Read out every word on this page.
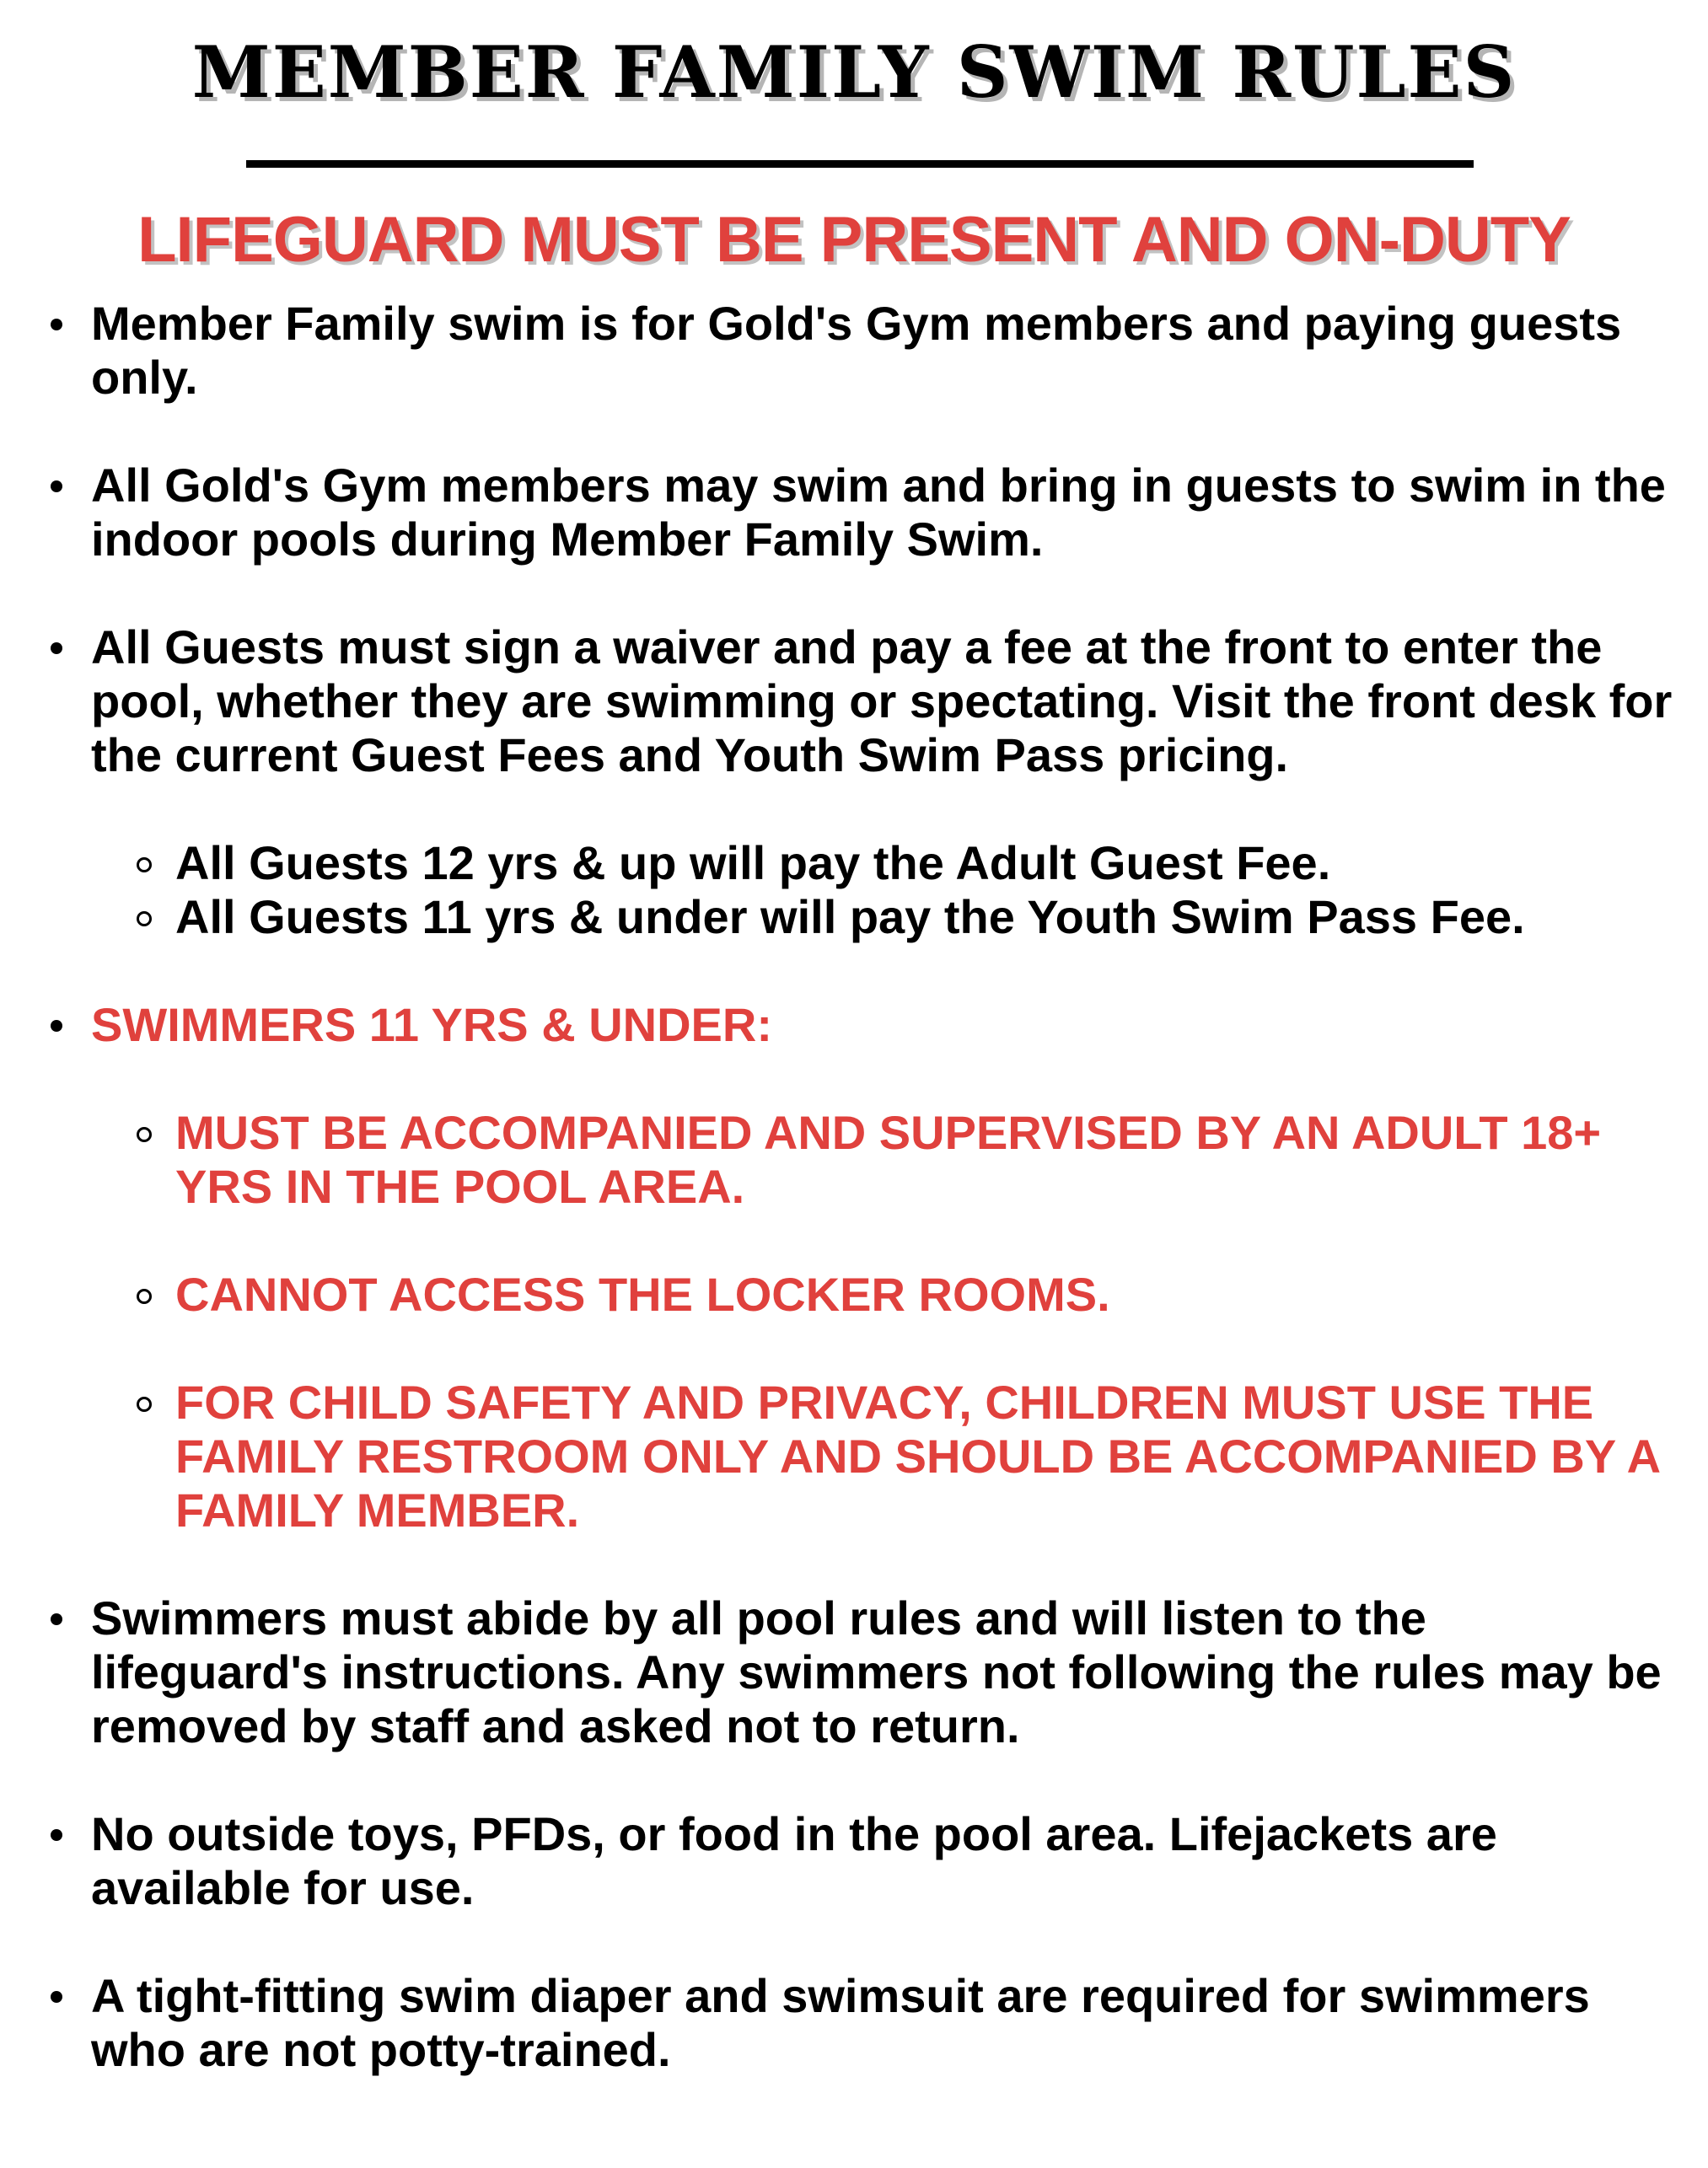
MEMBER FAMILY SWIM RULES
LIFEGUARD MUST BE PRESENT AND ON-DUTY
Member Family swim is for Gold's Gym members and paying guests only.
All Gold's Gym members may swim and bring in guests to swim in the indoor pools during Member Family Swim.
All Guests must sign a waiver and pay a fee at the front to enter the pool, whether they are swimming or spectating. Visit the front desk for the current Guest Fees and Youth Swim Pass pricing.
All Guests 12 yrs & up will pay the Adult Guest Fee.
All Guests 11 yrs & under will pay the Youth Swim Pass Fee.
SWIMMERS 11 YRS & UNDER:
MUST BE ACCOMPANIED AND SUPERVISED BY AN ADULT 18+ YRS IN THE POOL AREA.
CANNOT ACCESS THE LOCKER ROOMS.
FOR CHILD SAFETY AND PRIVACY, CHILDREN MUST USE THE FAMILY RESTROOM ONLY AND SHOULD BE ACCOMPANIED BY A FAMILY MEMBER.
Swimmers must abide by all pool rules and will listen to the lifeguard's instructions. Any swimmers not following the rules may be removed by staff and asked not to return.
No outside toys, PFDs, or food in the pool area. Lifejackets are available for use.
A tight-fitting swim diaper and swimsuit are required for swimmers who are not potty-trained.
